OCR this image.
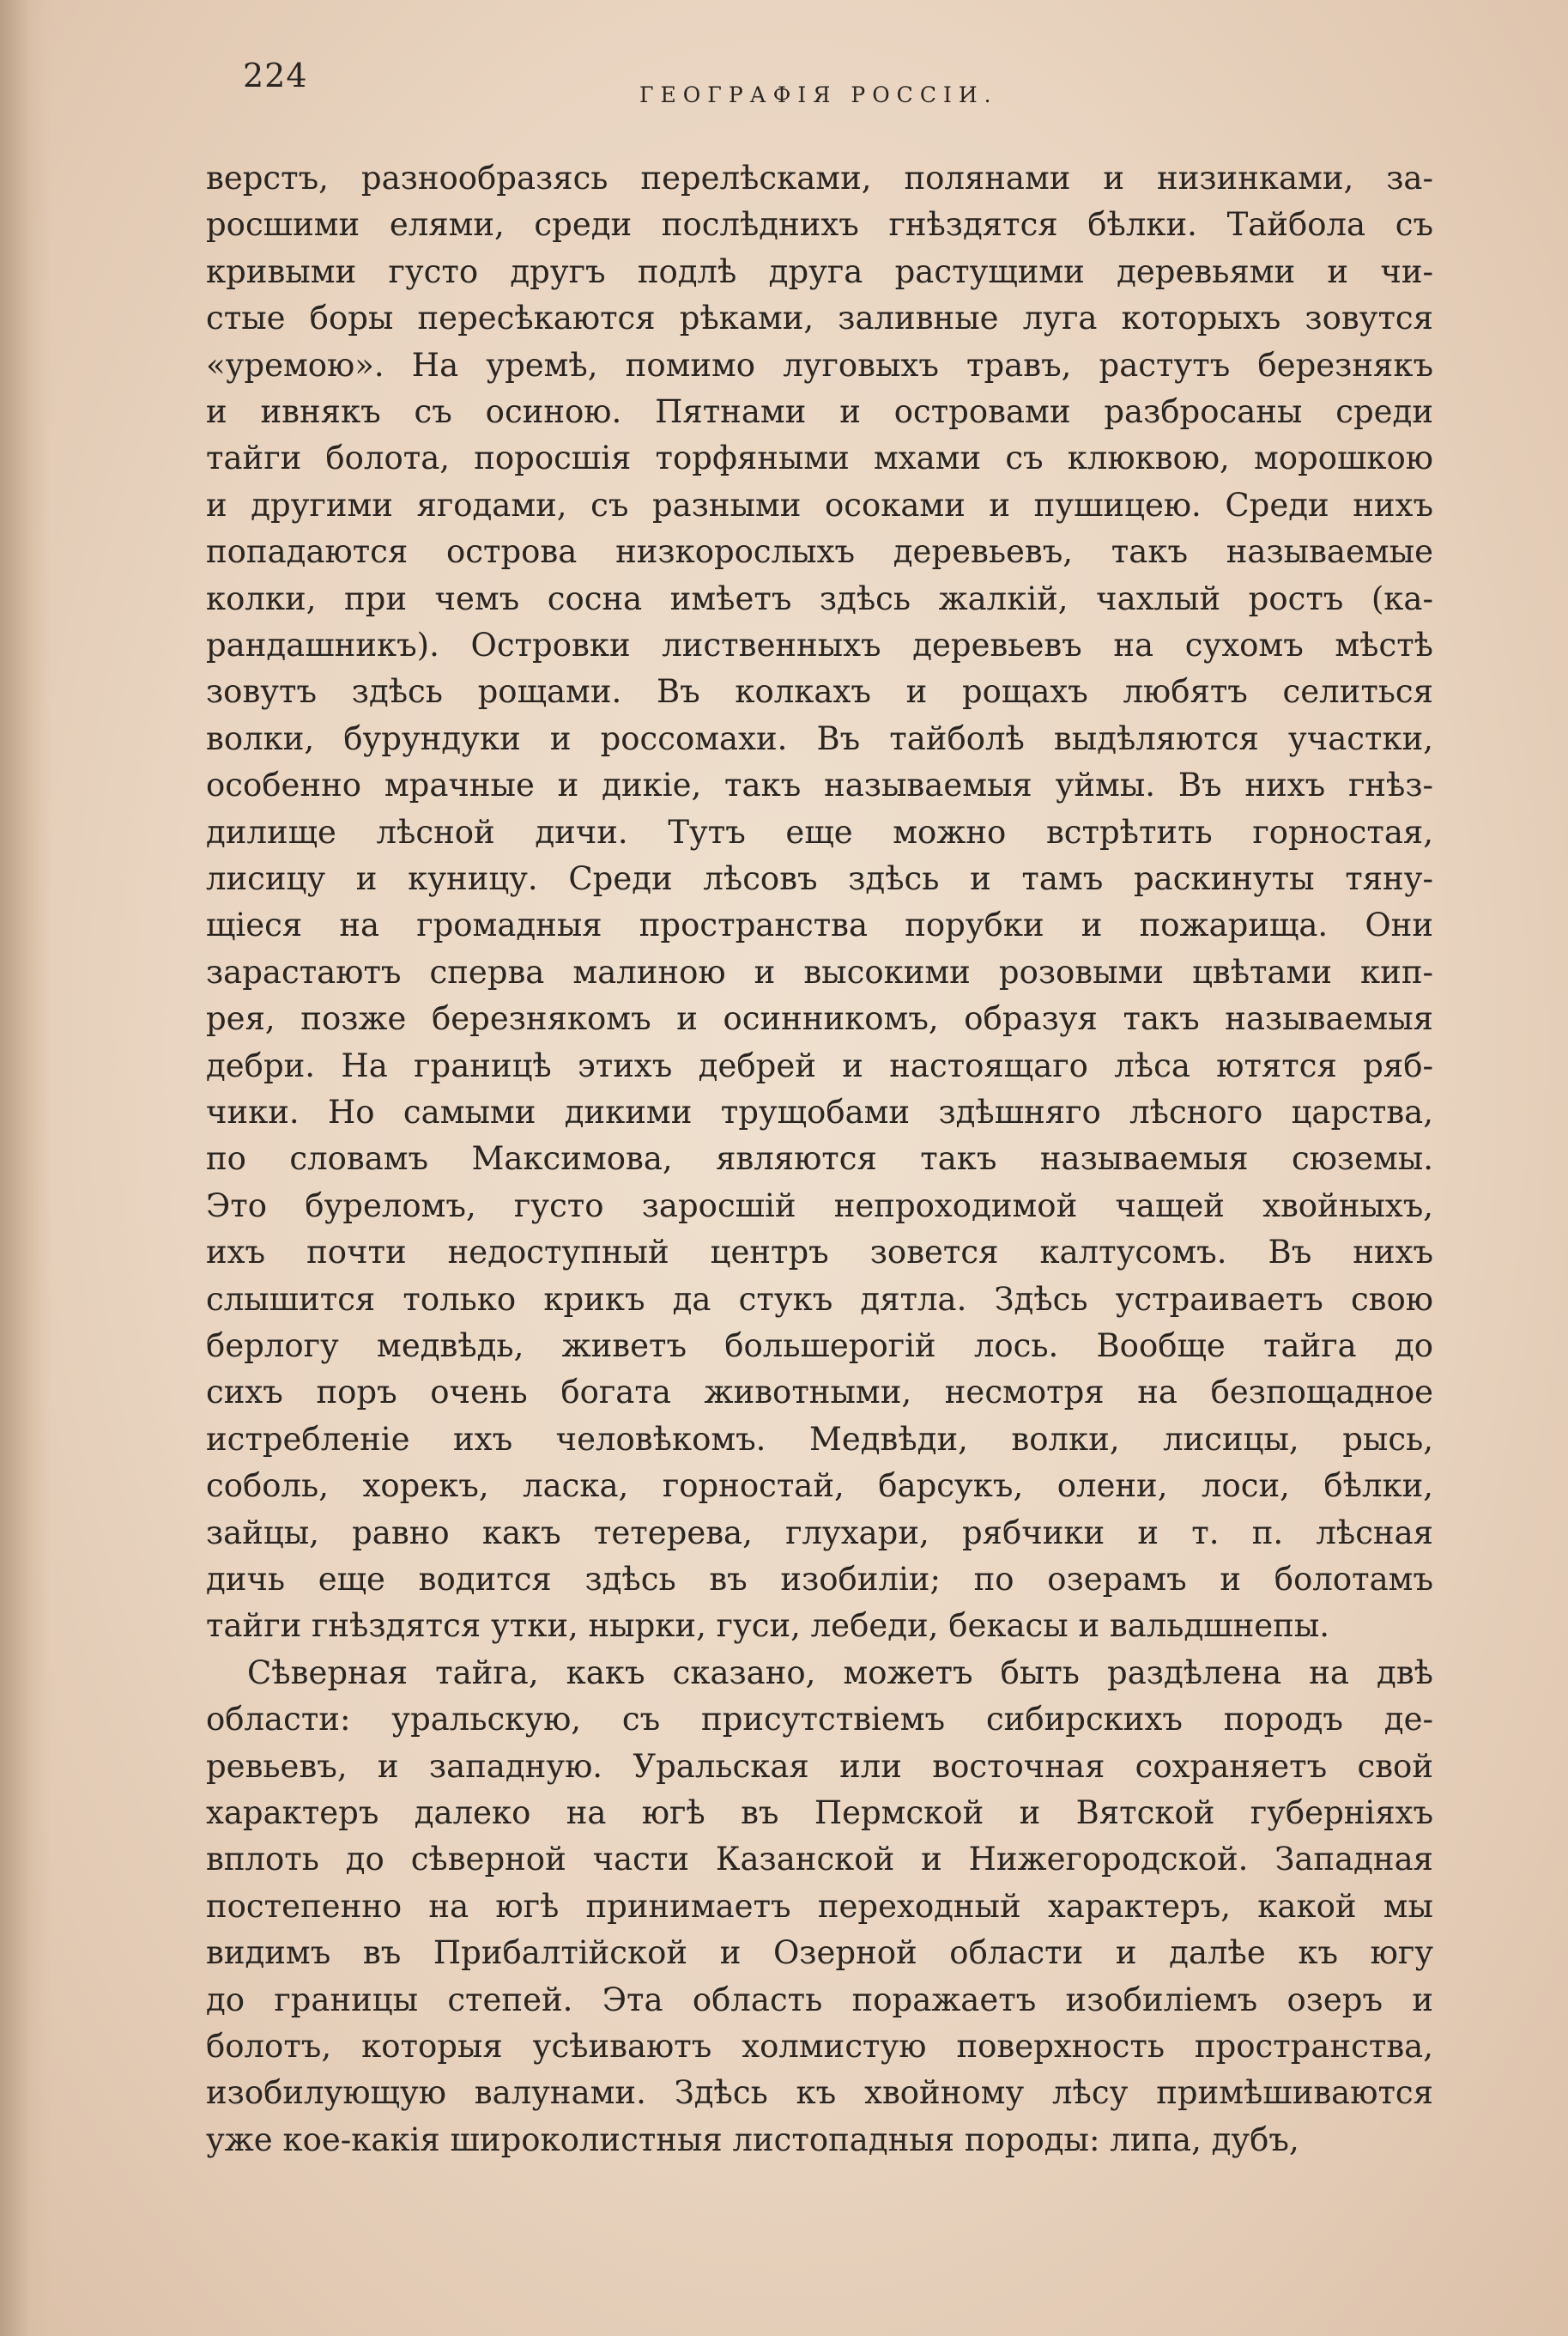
224
ГЕОГРАФІЯ РОССІИ.
верстъ, разнообразясь перелѣсками, полянами и низинками, за-
росшими елями, среди послѣднихъ гнѣздятся бѣлки. Тайбола съ
кривыми густо другъ подлѣ друга растущими деревьями и чи-
стые боры пересѣкаются рѣками, заливные луга которыхъ зовутся
«уремою». На уремѣ, помимо луговыхъ травъ, растутъ березнякъ
и ивнякъ съ осиною. Пятнами и островами разбросаны среди
тайги болота, поросшія торфяными мхами съ клюквою, морошкою
и другими ягодами, съ разными осоками и пушицею. Среди нихъ
попадаются острова низкорослыхъ деревьевъ, такъ называемые
колки, при чемъ сосна имѣетъ здѣсь жалкій, чахлый ростъ (ка-
рандашникъ). Островки лиственныхъ деревьевъ на сухомъ мѣстѣ
зовутъ здѣсь рощами. Въ колкахъ и рощахъ любятъ селиться
волки, бурундуки и россомахи. Въ тайболѣ выдѣляются участки,
особенно мрачные и дикіе, такъ называемыя уймы. Въ нихъ гнѣз-
дилище лѣсной дичи. Тутъ еще можно встрѣтить горностая,
лисицу и куницу. Среди лѣсовъ здѣсь и тамъ раскинуты тяну-
щіеся на громадныя пространства порубки и пожарища. Они
зарастаютъ сперва малиною и высокими розовыми цвѣтами кип-
рея, позже березнякомъ и осинникомъ, образуя такъ называемыя
дебри. На границѣ этихъ дебрей и настоящаго лѣса ютятся ряб-
чики. Но самыми дикими трущобами здѣшняго лѣсного царства,
по словамъ Максимова, являются такъ называемыя сюземы.
Это буреломъ, густо заросшій непроходимой чащей хвойныхъ,
ихъ почти недоступный центръ зовется калтусомъ. Въ нихъ
слышится только крикъ да стукъ дятла. Здѣсь устраиваетъ свою
берлогу медвѣдь, живетъ большерогій лось. Вообще тайга до
сихъ поръ очень богата животными, несмотря на безпощадное
истребленіе ихъ человѣкомъ. Медвѣди, волки, лисицы, рысь,
соболь, хорекъ, ласка, горностай, барсукъ, олени, лоси, бѣлки,
зайцы, равно какъ тетерева, глухари, рябчики и т. п. лѣсная
дичь еще водится здѣсь въ изобиліи; по озерамъ и болотамъ
тайги гнѣздятся утки, нырки, гуси, лебеди, бекасы и вальдшнепы.
Сѣверная тайга, какъ сказано, можетъ быть раздѣлена на двѣ
области: уральскую, съ присутствіемъ сибирскихъ породъ де-
ревьевъ, и западную. Уральская или восточная сохраняетъ свой
характеръ далеко на югѣ въ Пермской и Вятской губерніяхъ
вплоть до сѣверной части Казанской и Нижегородской. Западная
постепенно на югѣ принимаетъ переходный характеръ, какой мы
видимъ въ Прибалтійской и Озерной области и далѣе къ югу
до границы степей. Эта область поражаетъ изобиліемъ озеръ и
болотъ, которыя усѣиваютъ холмистую поверхность пространства,
изобилующую валунами. Здѣсь къ хвойному лѣсу примѣшиваются
уже кое-какія широколистныя листопадныя породы: липа, дубъ,
